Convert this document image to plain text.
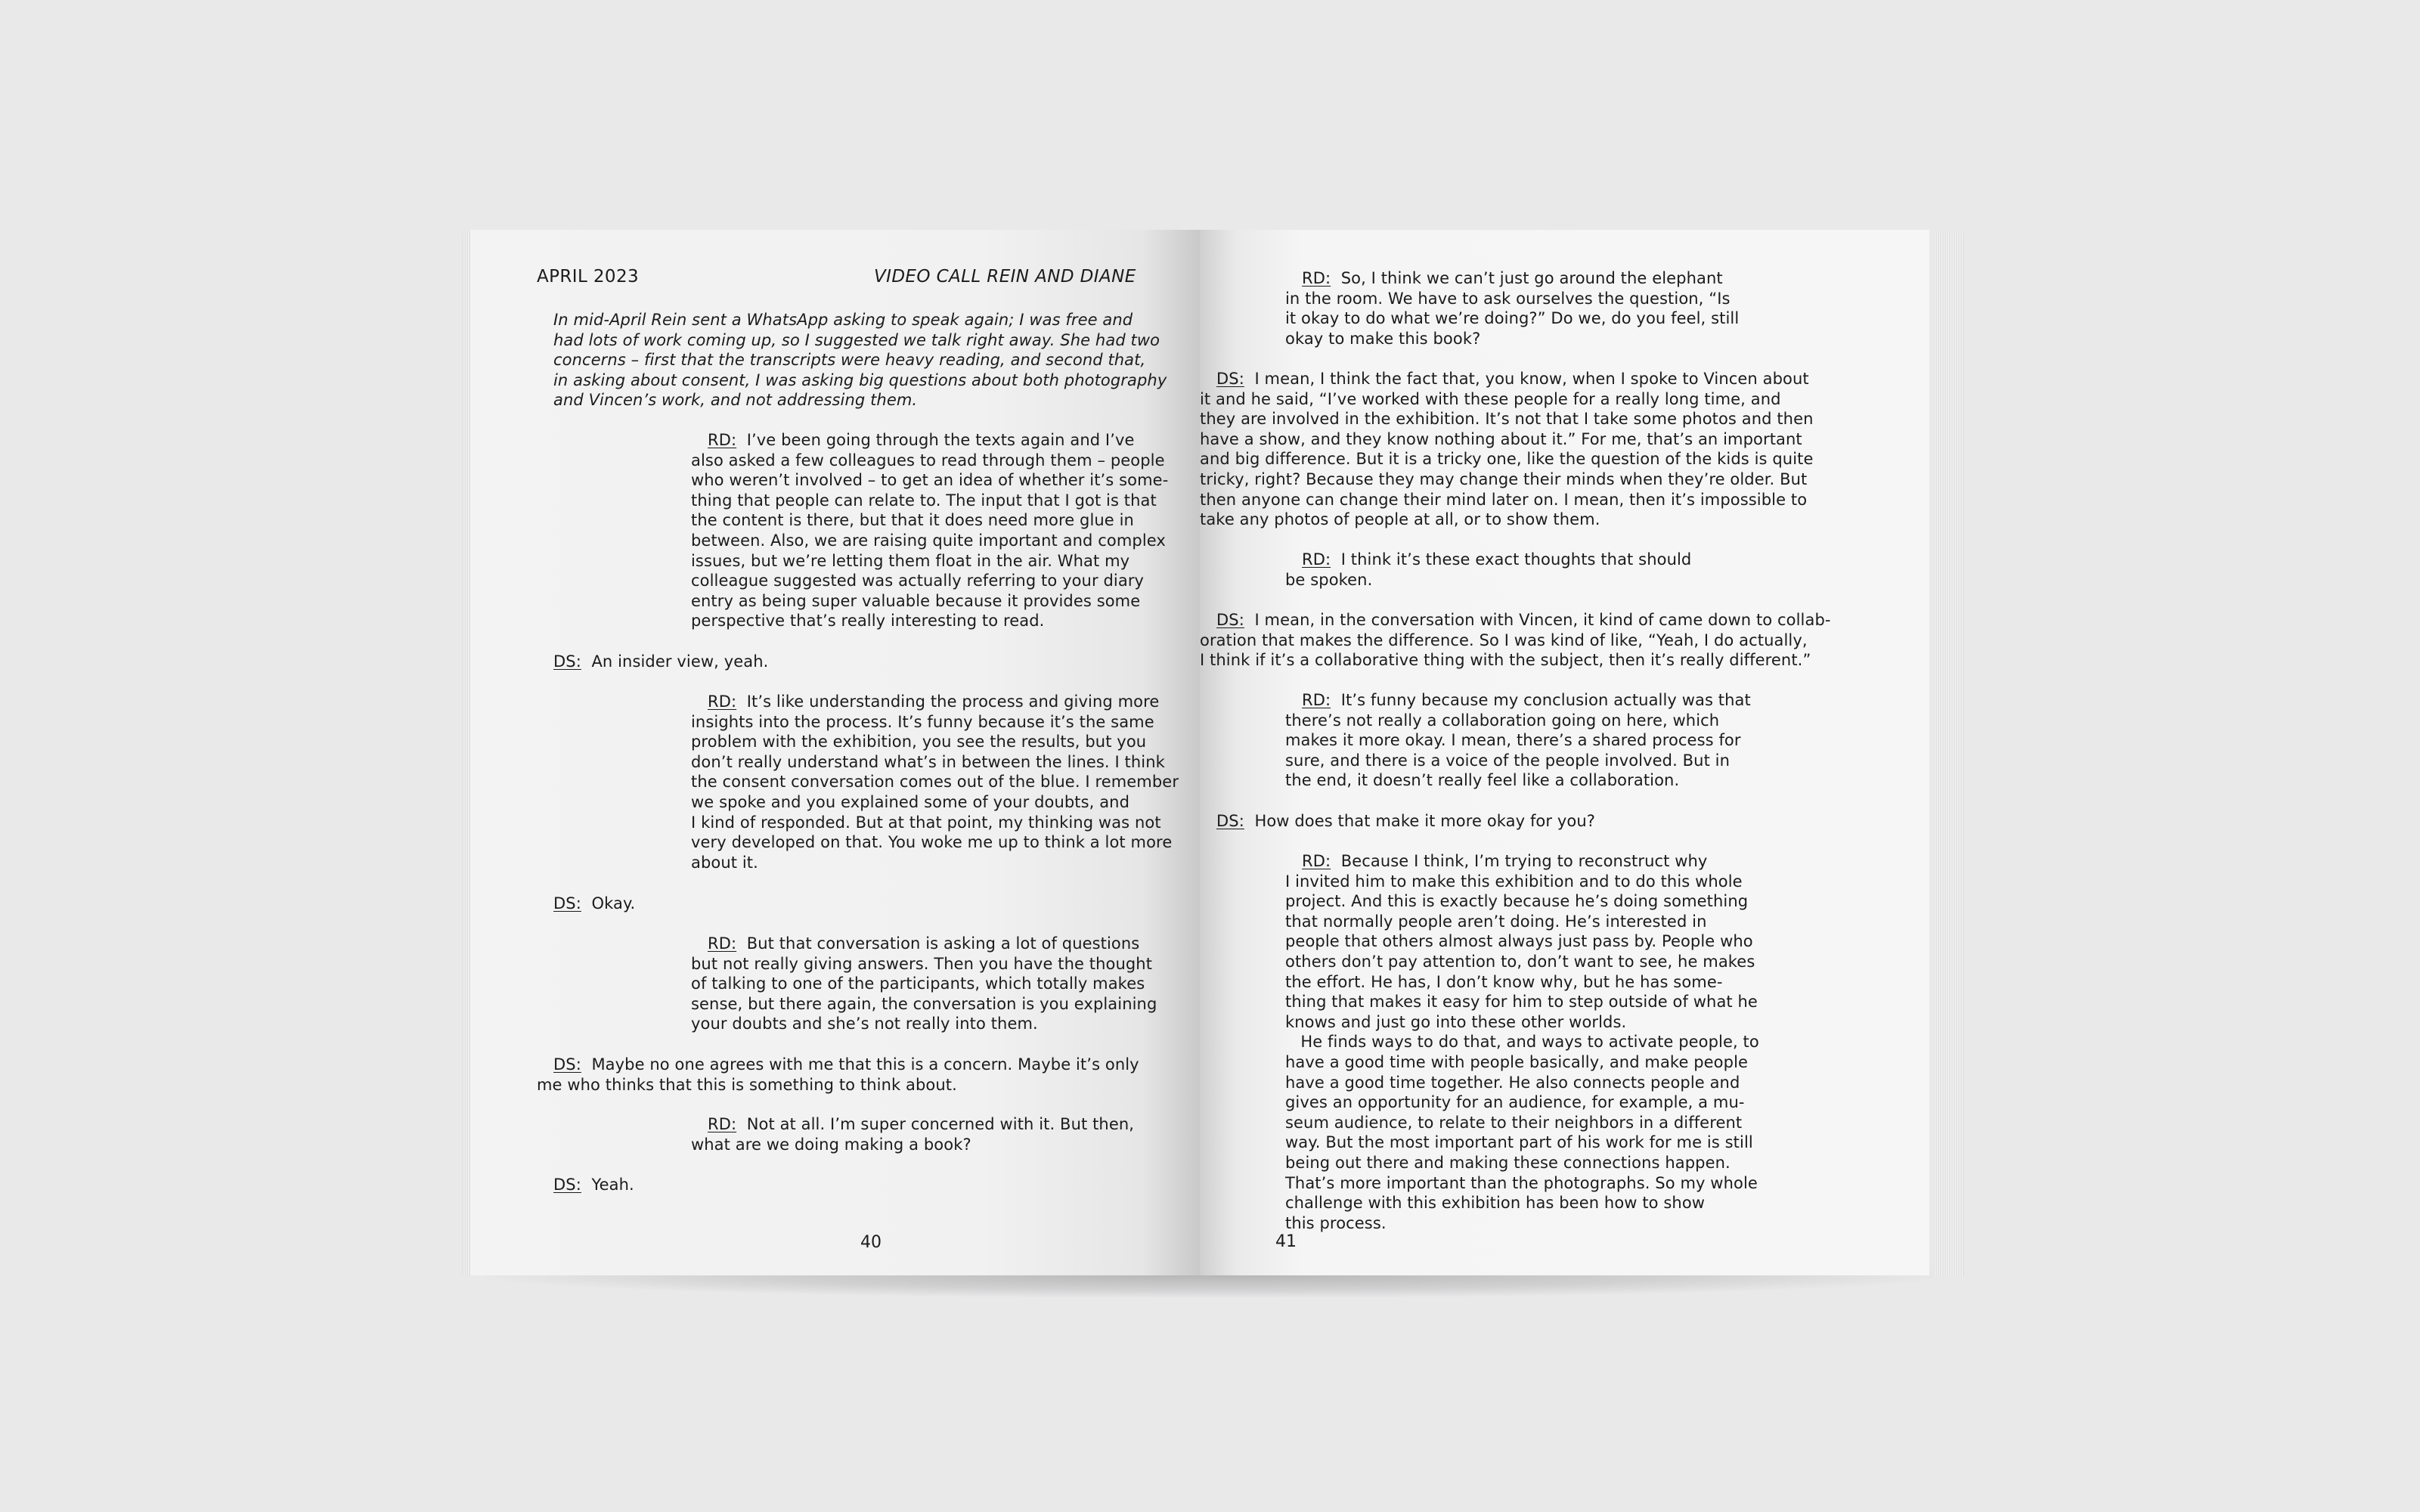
APRIL 2023	VIDEO CALL REIN AND DIANE
In mid-April Rein sent a WhatsApp asking to speak again; I was free and
had lots of work coming up, so I suggested we talk right away. She had two
concerns – first that the transcripts were heavy reading, and second that,
in asking about consent, I was asking big questions about both photography
and Vincen’s work, and not addressing them.
RD: I’ve been going through the texts again and I’ve
also asked a few colleagues to read through them – people
who weren’t involved – to get an idea of whether it’s some-
thing that people can relate to. The input that I got is that
the content is there, but that it does need more glue in
between. Also, we are raising quite important and complex
issues, but we’re letting them float in the air. What my
colleague suggested was actually referring to your diary
entry as being super valuable because it provides some
perspective that’s really interesting to read.
DS: An insider view, yeah.
RD: It’s like understanding the process and giving more
insights into the process. It’s funny because it’s the same
problem with the exhibition, you see the results, but you
don’t really understand what’s in between the lines. I think
the consent conversation comes out of the blue. I remember
we spoke and you explained some of your doubts, and
I kind of responded. But at that point, my thinking was not
very developed on that. You woke me up to think a lot more
about it.
DS: Okay.
RD: But that conversation is asking a lot of questions
but not really giving answers. Then you have the thought
of talking to one of the participants, which totally makes
sense, but there again, the conversation is you explaining
your doubts and she’s not really into them.
DS: Maybe no one agrees with me that this is a concern. Maybe it’s only
me who thinks that this is something to think about.
RD: Not at all. I’m super concerned with it. But then,
what are we doing making a book?
DS: Yeah.
40
RD: So, I think we can’t just go around the elephant
in the room. We have to ask ourselves the question, “Is
it okay to do what we’re doing?” Do we, do you feel, still
okay to make this book?
DS: I mean, I think the fact that, you know, when I spoke to Vincen about
it and he said, “I’ve worked with these people for a really long time, and
they are involved in the exhibition. It’s not that I take some photos and then
have a show, and they know nothing about it.” For me, that’s an important
and big difference. But it is a tricky one, like the question of the kids is quite
tricky, right? Because they may change their minds when they’re older. But
then anyone can change their mind later on. I mean, then it’s impossible to
take any photos of people at all, or to show them.
RD: I think it’s these exact thoughts that should
be spoken.
DS: I mean, in the conversation with Vincen, it kind of came down to collab-
oration that makes the difference. So I was kind of like, “Yeah, I do actually,
I think if it’s a collaborative thing with the subject, then it’s really different.”
RD: It’s funny because my conclusion actually was that
there’s not really a collaboration going on here, which
makes it more okay. I mean, there’s a shared process for
sure, and there is a voice of the people involved. But in
the end, it doesn’t really feel like a collaboration.
DS: How does that make it more okay for you?
RD: Because I think, I’m trying to reconstruct why
I invited him to make this exhibition and to do this whole
project. And this is exactly because he’s doing something
that normally people aren’t doing. He’s interested in
people that others almost always just pass by. People who
others don’t pay attention to, don’t want to see, he makes
the effort. He has, I don’t know why, but he has some-
thing that makes it easy for him to step outside of what he
knows and just go into these other worlds.
He finds ways to do that, and ways to activate people, to
have a good time with people basically, and make people
have a good time together. He also connects people and
gives an opportunity for an audience, for example, a mu-
seum audience, to relate to their neighbors in a different
way. But the most important part of his work for me is still
being out there and making these connections happen.
That’s more important than the photographs. So my whole
challenge with this exhibition has been how to show
this process.
41
